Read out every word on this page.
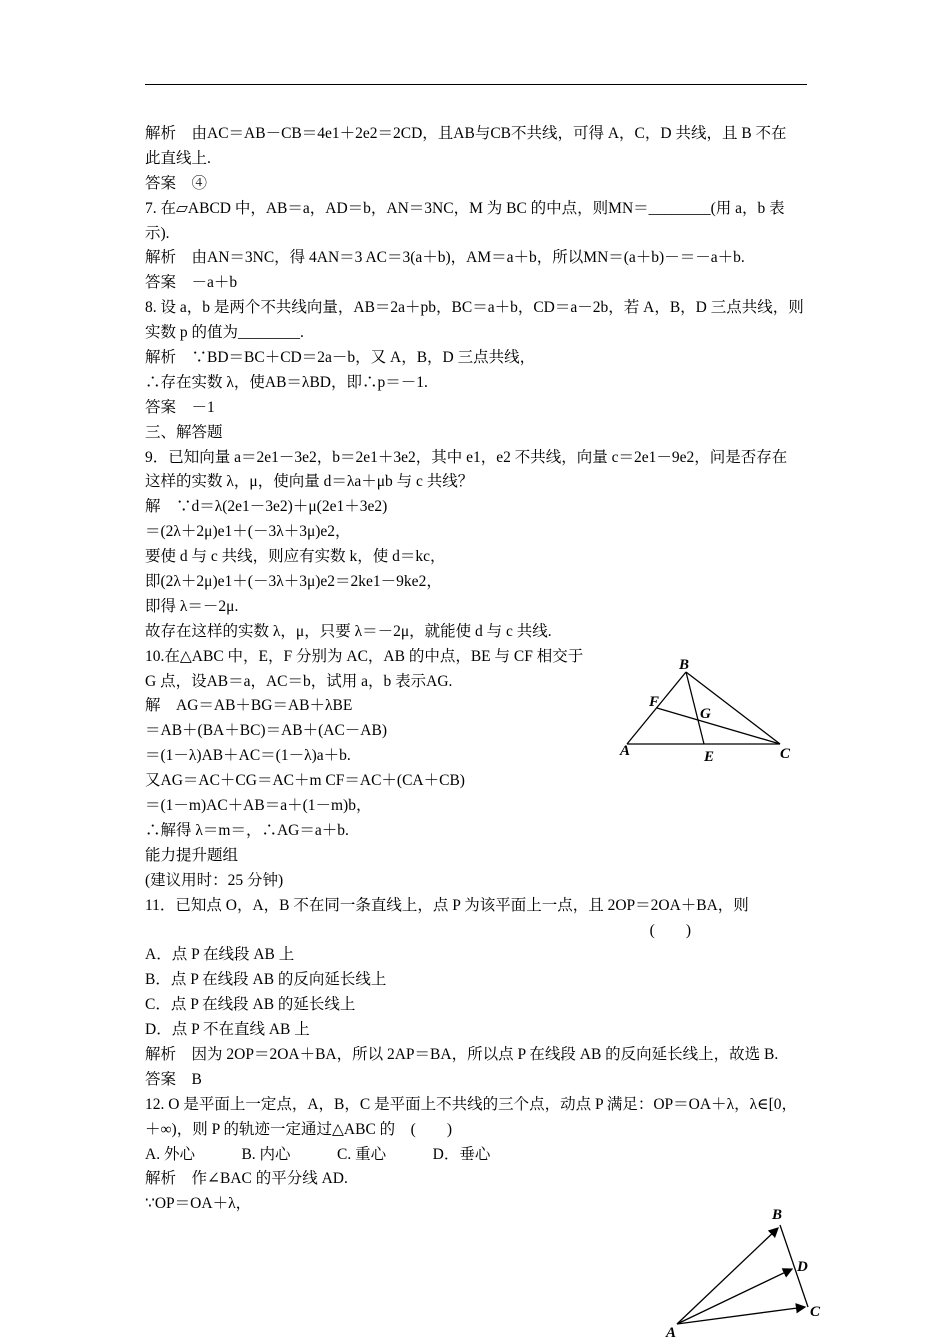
解析　由AC＝AB－CB＝4e1＋2e2＝2CD，且AB与CB不共线，可得 A，C，D 共线，且 B 不在
此直线上.
答案　④
7. 在▱ABCD 中，AB＝a，AD＝b，AN＝3NC，M 为 BC 的中点，则MN＝________(用 a，b 表
示).
解析　由AN＝3NC，得 4AN＝3 AC＝3(a＋b)，AM＝a＋b，所以MN＝(a＋b)－＝－a＋b.
答案　－a＋b
8. 设 a，b 是两个不共线向量，AB＝2a＋pb，BC＝a＋b，CD＝a－2b，若 A，B，D 三点共线，则
实数 p 的值为________.
解析　∵BD＝BC＋CD＝2a－b，又 A，B，D 三点共线，
∴存在实数 λ，使AB＝λBD，即∴p＝－1.
答案　－1
三、解答题
9．已知向量 a＝2e1－3e2，b＝2e1＋3e2，其中 e1，e2 不共线，向量 c＝2e1－9e2，问是否存在
这样的实数 λ，μ，使向量 d＝λa＋μb 与 c 共线？
解　∵d＝λ(2e1－3e2)＋μ(2e1＋3e2)
＝(2λ＋2μ)e1＋(－3λ＋3μ)e2，
要使 d 与 c 共线，则应有实数 k，使 d＝kc，
即(2λ＋2μ)e1＋(－3λ＋3μ)e2＝2ke1－9ke2，
即得 λ＝－2μ.
故存在这样的实数 λ，μ，只要 λ＝－2μ，就能使 d 与 c 共线.
10.在△ABC 中，E，F 分别为 AC，AB 的中点，BE 与 CF 相交于
G 点，设AB＝a，AC＝b，试用 a，b 表示AG.
解　AG＝AB＋BG＝AB＋λBE
＝AB＋(BA＋BC)＝AB＋(AC－AB)
＝(1－λ)AB＋AC＝(1－λ)a＋b.
又AG＝AC＋CG＝AC＋m CF＝AC＋(CA＋CB)
＝(1－m)AC＋AB＝a＋(1－m)b，
∴解得 λ＝m＝，∴AG＝a＋b.
能力提升题组
(建议用时：25 分钟)
11．已知点 O，A，B 不在同一条直线上，点 P 为该平面上一点，且 2OP＝2OA＋BA，则
(　　)
A．点 P 在线段 AB 上
B．点 P 在线段 AB 的反向延长线上
C．点 P 在线段 AB 的延长线上
D．点 P 不在直线 AB 上
解析　因为 2OP＝2OA＋BA，所以 2AP＝BA，所以点 P 在线段 AB 的反向延长线上，故选 B.
答案　B
12. O 是平面上一定点，A，B，C 是平面上不共线的三个点，动点 P 满足：OP＝OA＋λ，λ∈[0，
＋∞)，则 P 的轨迹一定通过△ABC 的　(　　)
A. 外心　　　B. 内心　　　C. 重心　　　D．垂心
解析　作∠BAC 的平分线 AD.
∵OP＝OA＋λ，
B
F
G
A	E	C
B
D
C
A
